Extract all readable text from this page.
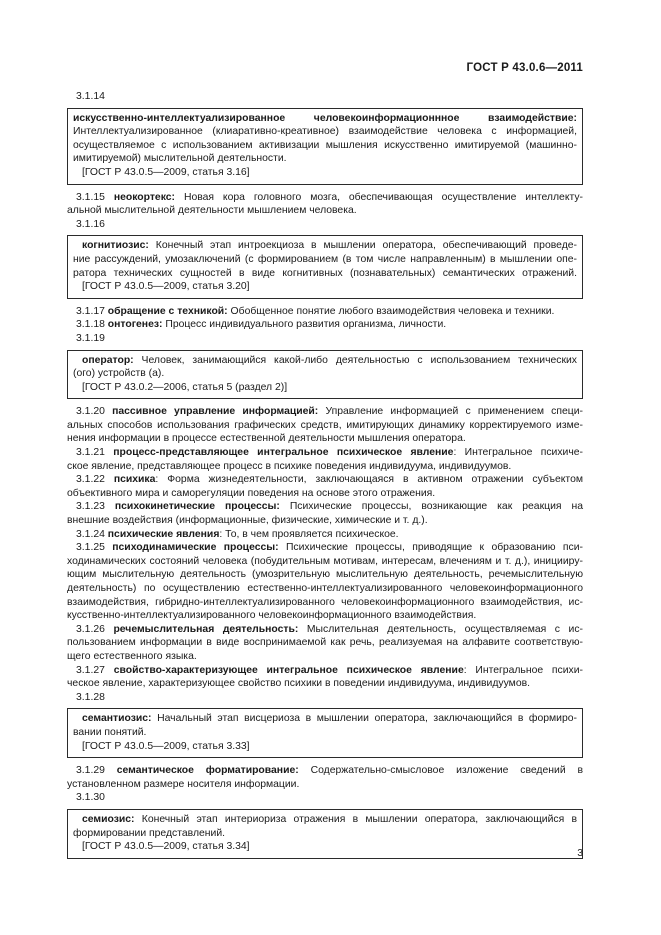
ГОСТ Р 43.0.6—2011
3.1.14
искусственно-интеллектуализированное человекоинформационнное взаимодействие:
Интеллектуализированное (клиаративно-креативное) взаимодействие человека с информацией,
осуществляемое с использованием активизации мышления искусственно имитируемой (машинно-
имитируемой) мыслительной деятельности.
[ГОСТ Р 43.0.5—2009, статья 3.16]
3.1.15 неокортекс: Новая кора головного мозга, обеспечивающая осуществление интеллекту-
альной мыслительной деятельности мышлением человека.
3.1.16
когнитиозис: Конечный этап интроекциоза в мышлении оператора, обеспечивающий проведе-
ние рассуждений, умозаключений (с формированием (в том числе направленным) в мышлении опе-
ратора технических сущностей в виде когнитивных (познавательных) семантических отражений.
[ГОСТ Р 43.0.5—2009, статья 3.20]
3.1.17 обращение с техникой: Обобщенное понятие любого взаимодействия человека и техники.
3.1.18 онтогенез: Процесс индивидуального развития организма, личности.
3.1.19
оператор: Человек, занимающийся какой-либо деятельностью с использованием технических
(ого) устройств (а).
[ГОСТ Р 43.0.2—2006, статья 5 (раздел 2)]
3.1.20 пассивное управление информацией: Управление информацией с применением специ-
альных способов использования графических средств, имитирующих динамику корректируемого изме-
нения информации в процессе естественной деятельности мышления оператора.
3.1.21 процесс-представляющее интегральное психическое явление: Интегральное психиче-
ское явление, представляющее процесс в психике поведения индивидуума, индивидуумов.
3.1.22 психика: Форма жизнедеятельности, заключающаяся в активном отражении субъектом
объективного мира и саморегуляции поведения на основе этого отражения.
3.1.23 психокинетические процессы: Психические процессы, возникающие как реакция на
внешние воздействия (информационные, физические, химические и т. д.).
3.1.24 психические явления: То, в чем проявляется психическое.
3.1.25 психодинамические процессы: Психические процессы, приводящие к образованию пси-
ходинамических состояний человека (побудительным мотивам, интересам, влечениям и т. д.), иницииру-
ющим мыслительную деятельность (умозрительную мыслительную деятельность, речемыслительную
деятельность) по осуществлению естественно-интеллектуализированного человекоинформационного
взаимодействия, гибридно-интеллектуализированного человекоинформационного взаимодействия, ис-
кусственно-интеллектуализированного человекоинформационного взаимодействия.
3.1.26 речемыслительная деятельность: Мыслительная деятельность, осуществляемая с ис-
пользованием информации в виде воспринимаемой как речь, реализуемая на алфавите соответствую-
щего естественного языка.
3.1.27 свойство-характеризующее интегральное психическое явление: Интегральное психи-
ческое явление, характеризующее свойство психики в поведении индивидуума, индивидуумов.
3.1.28
семантиозис: Начальный этап висцериоза в мышлении оператора, заключающийся в формиро-
вании понятий.
[ГОСТ Р 43.0.5—2009, статья 3.33]
3.1.29 семантическое форматирование: Содержательно-смысловое изложение сведений в
установленном размере носителя информации.
3.1.30
семиозис: Конечный этап интериориза отражения в мышлении оператора, заключающийся в
формировании представлений.
[ГОСТ Р 43.0.5—2009, статья 3.34]
3
